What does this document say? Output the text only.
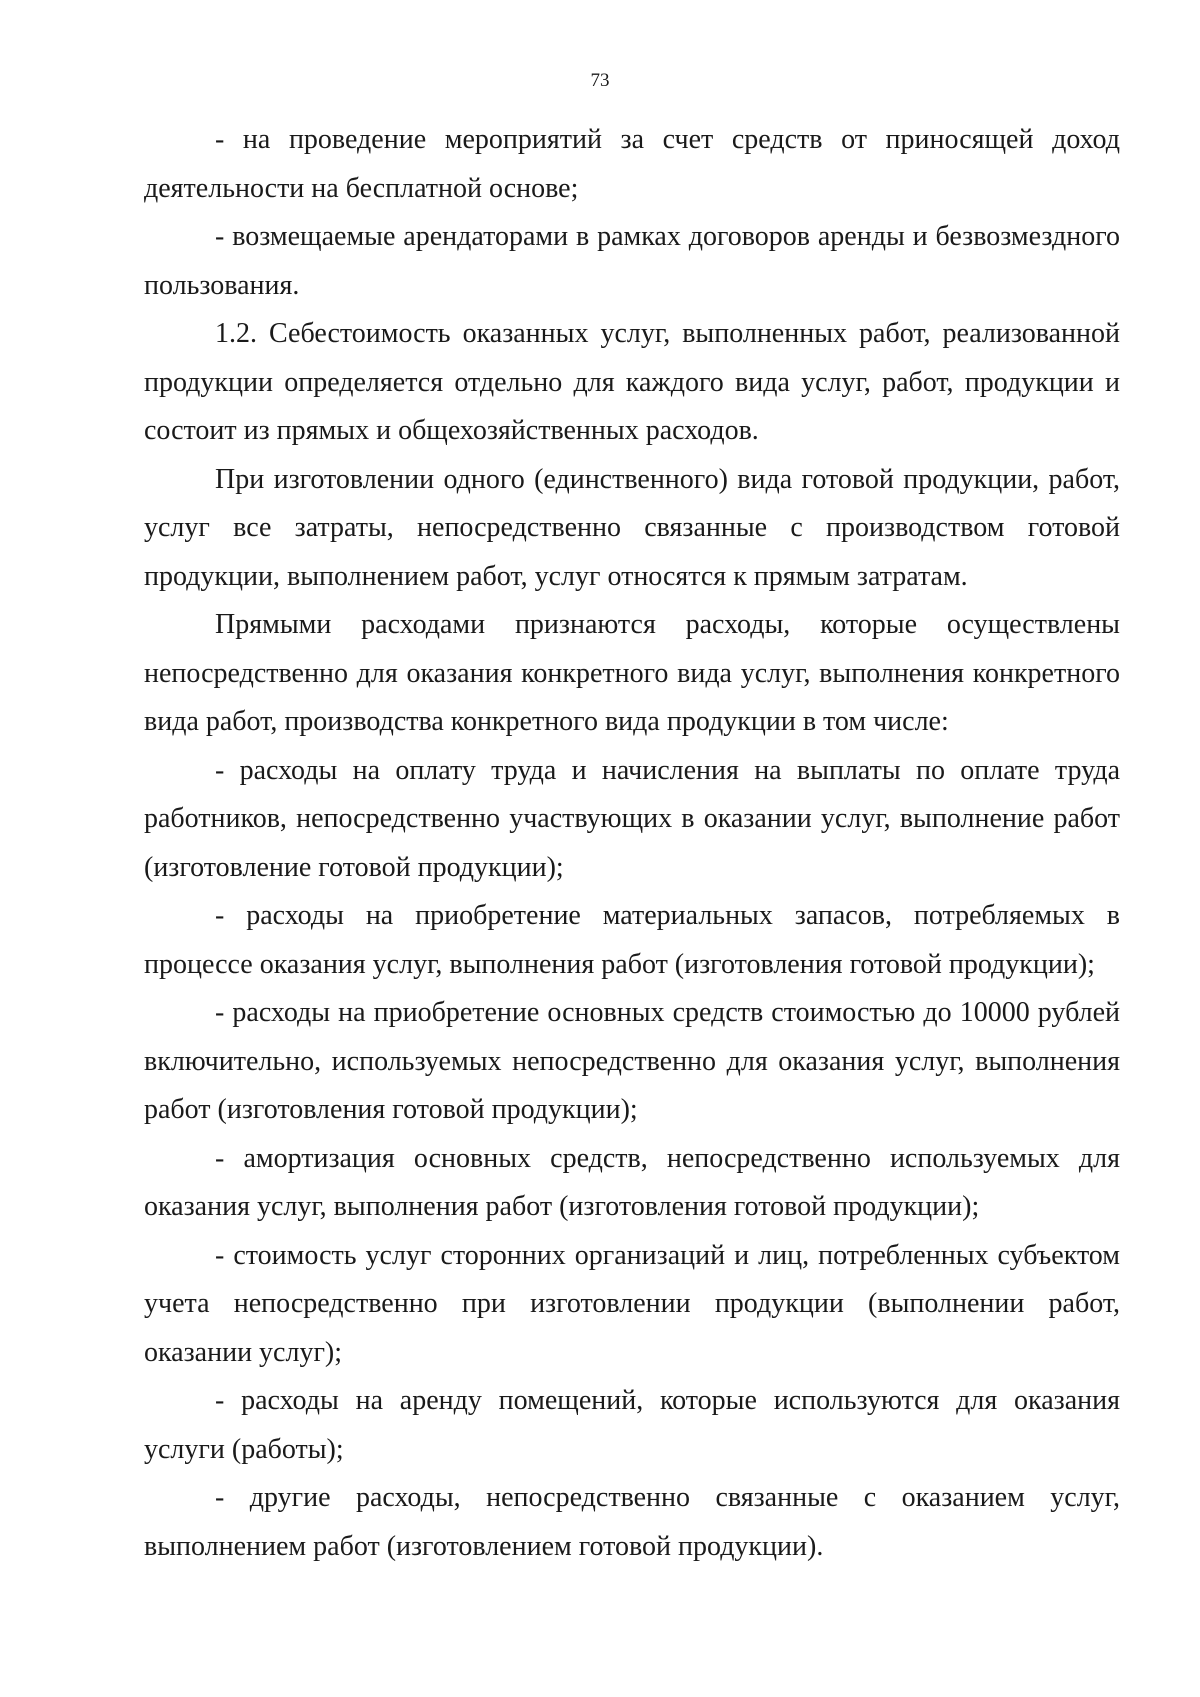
73

- на проведение мероприятий за счет средств от приносящей доход деятельности на бесплатной основе;

- возмещаемые арендаторами в рамках договоров аренды и безвозмездного пользования.

1.2. Себестоимость оказанных услуг, выполненных работ, реализованной продукции определяется отдельно для каждого вида услуг, работ, продукции и состоит из прямых и общехозяйственных расходов.

При изготовлении одного (единственного) вида готовой продукции, работ, услуг все затраты, непосредственно связанные с производством готовой продукции, выполнением работ, услуг относятся к прямым затратам.

Прямыми расходами признаются расходы, которые осуществлены непосредственно для оказания конкретного вида услуг, выполнения конкретного вида работ, производства конкретного вида продукции в том числе:

- расходы на оплату труда и начисления на выплаты по оплате труда работников, непосредственно участвующих в оказании услуг, выполнение работ (изготовление готовой продукции);

- расходы на приобретение материальных запасов, потребляемых в процессе оказания услуг, выполнения работ (изготовления готовой продукции);

- расходы на приобретение основных средств стоимостью до 10000 рублей включительно, используемых непосредственно для оказания услуг, выполнения работ (изготовления готовой продукции);

- амортизация основных средств, непосредственно используемых для оказания услуг, выполнения работ (изготовления готовой продукции);

- стоимость услуг сторонних организаций и лиц, потребленных субъектом учета непосредственно при изготовлении продукции (выполнении работ, оказании услуг);

- расходы на аренду помещений, которые используются для оказания услуги (работы);

- другие расходы, непосредственно связанные с оказанием услуг, выполнением работ (изготовлением готовой продукции).
